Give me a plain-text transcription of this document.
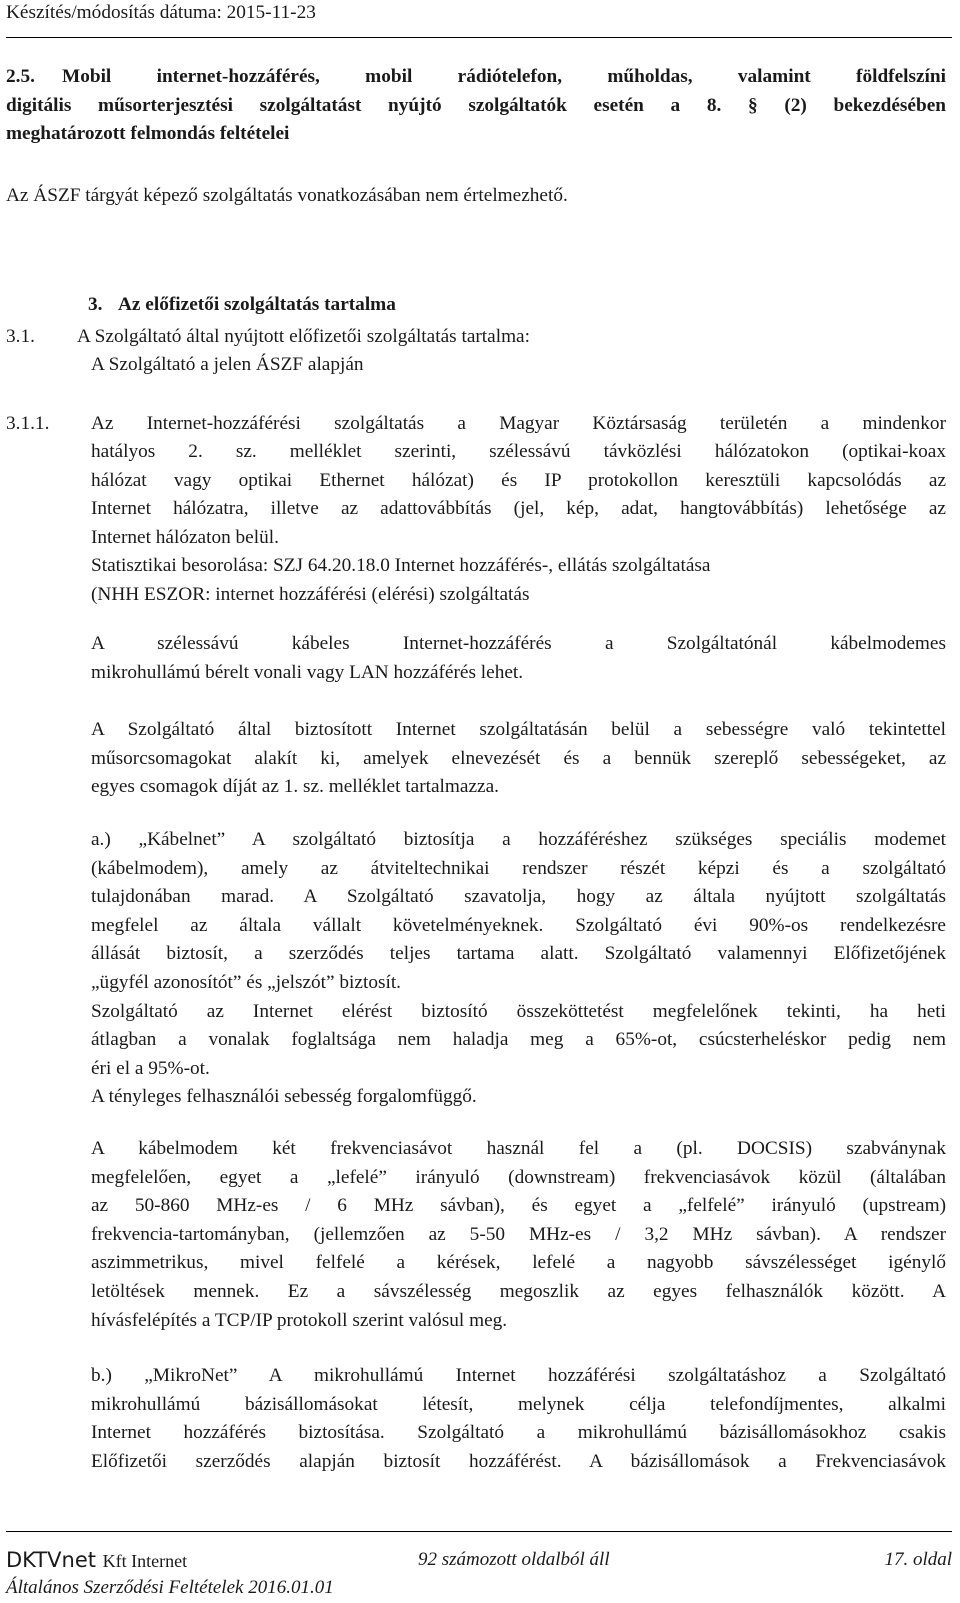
Készítés/módosítás dátuma: 2015-11-23

2.5. Mobil internet-hozzáférés, mobil rádiótelefon, műholdas, valamint földfelszíni

digitális műsorterjesztési szolgáltatást nyújtó szolgáltatók esetén a 8. § (2) bekezdésében

meghatározott felmondás feltételei

Az ÁSZF tárgyát képező szolgáltatás vonatkozásában nem értelmezhető.

3. Az előfizetői szolgáltatás tartalma

3.1. A Szolgáltató által nyújtott előfizetői szolgáltatás tartalma:

A Szolgáltató a jelen ÁSZF alapján

3.1.1. Az Internet-hozzáférési szolgáltatás a Magyar Köztársaság területén a mindenkor

hatályos 2. sz. melléklet szerinti, szélessávú távközlési hálózatokon (optikai-koax

hálózat vagy optikai Ethernet hálózat) és IP protokollon keresztüli kapcsolódás az

Internet hálózatra, illetve az adattovábbítás (jel, kép, adat, hangtovábbítás) lehetősége az

Internet hálózaton belül.

Statisztikai besorolása: SZJ 64.20.18.0 Internet hozzáférés-, ellátás szolgáltatása

(NHH ESZOR: internet hozzáférési (elérési) szolgáltatás

A szélessávú kábeles Internet-hozzáférés a Szolgáltatónál kábelmodemes

mikrohullámú bérelt vonali vagy LAN hozzáférés lehet.

A Szolgáltató által biztosított Internet szolgáltatásán belül a sebességre való tekintettel

műsorcsomagokat alakít ki, amelyek elnevezését és a bennük szereplő sebességeket, az

egyes csomagok díját az 1. sz. melléklet tartalmazza.

a.) „Kábelnet” A szolgáltató biztosítja a hozzáféréshez szükséges speciális modemet

(kábelmodem), amely az átviteltechnikai rendszer részét képzi és a szolgáltató

tulajdonában marad. A Szolgáltató szavatolja, hogy az általa nyújtott szolgáltatás

megfelel az általa vállalt követelményeknek. Szolgáltató évi 90%-os rendelkezésre

állását biztosít, a szerződés teljes tartama alatt. Szolgáltató valamennyi Előfizetőjének

„ügyfél azonosítót” és „jelszót” biztosít.

Szolgáltató az Internet elérést biztosító összeköttetést megfelelőnek tekinti, ha heti

átlagban a vonalak foglaltsága nem haladja meg a 65%-ot, csúcsterheléskor pedig nem

éri el a 95%-ot.

A tényleges felhasználói sebesség forgalomfüggő.

A kábelmodem két frekvenciasávot használ fel a (pl. DOCSIS) szabványnak

megfelelően, egyet a „lefelé” irányuló (downstream) frekvenciasávok közül (általában

az 50-860 MHz-es / 6 MHz sávban), és egyet a „felfelé” irányuló (upstream)

frekvencia-tartományban, (jellemzően az 5-50 MHz-es / 3,2 MHz sávban). A rendszer

aszimmetrikus, mivel felfelé a kérések, lefelé a nagyobb sávszélességet igénylő

letöltések mennek. Ez a sávszélesség megoszlik az egyes felhasználók között. A

hívásfelépítés a TCP/IP protokoll szerint valósul meg.

b.) „MikroNet” A mikrohullámú Internet hozzáférési szolgáltatáshoz a Szolgáltató

mikrohullámú bázisállomásokat létesít, melynek célja telefondíjmentes, alkalmi

Internet hozzáférés biztosítása. Szolgáltató a mikrohullámú bázisállomásokhoz csakis

Előfizetői szerződés alapján biztosít hozzáférést. A bázisállomások a Frekvenciasávok

DKTVnet Kft Internet	92 számozott oldalból áll	17. oldal
Általános Szerződési Feltételek 2016.01.01
